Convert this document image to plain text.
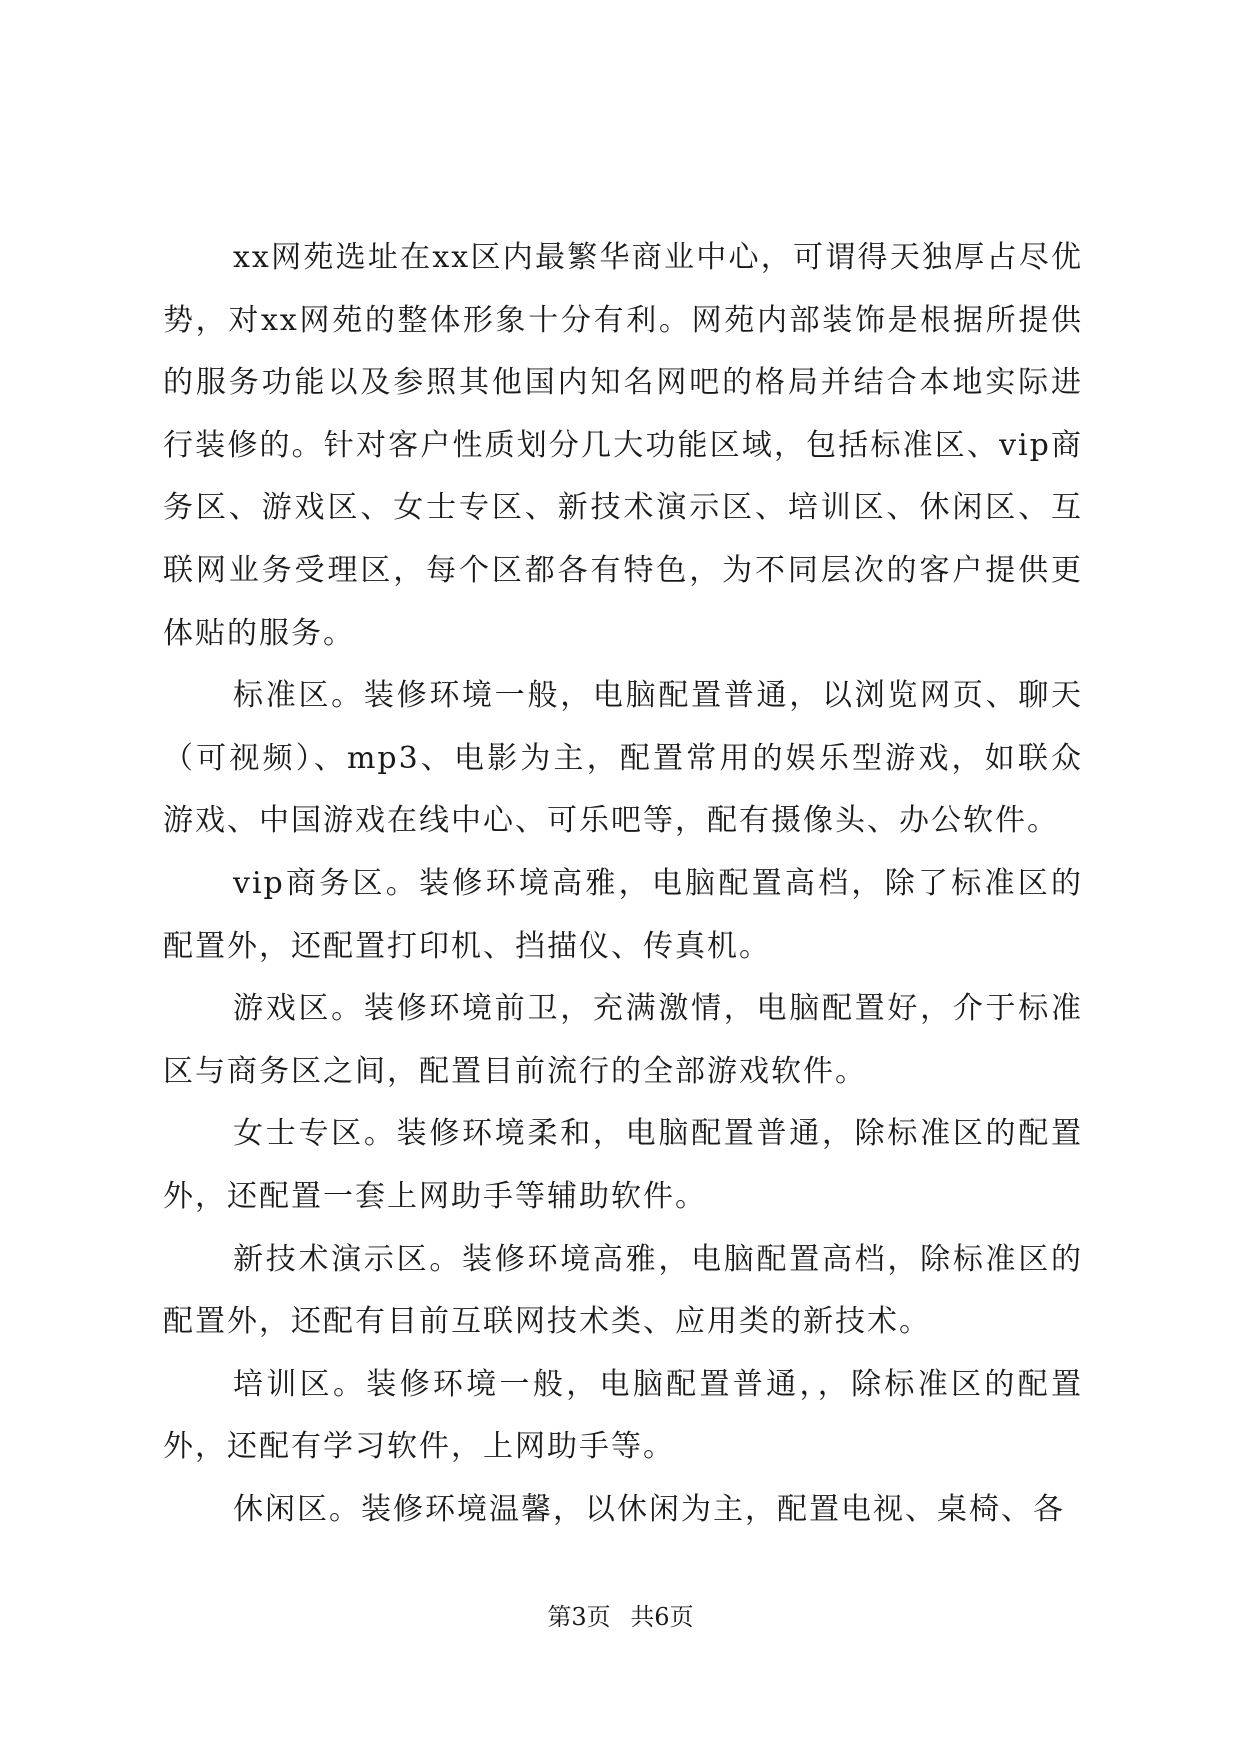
xx网苑选址在xx区内最繁华商业中心，可谓得天独厚占尽优势，对xx网苑的整体形象十分有利。网苑内部装饰是根据所提供的服务功能以及参照其他国内知名网吧的格局并结合本地实际进行装修的。针对客户性质划分几大功能区域，包括标准区、vip商务区、游戏区、女士专区、新技术演示区、培训区、休闲区、互联网业务受理区，每个区都各有特色，为不同层次的客户提供更体贴的服务。

标准区。装修环境一般，电脑配置普通，以浏览网页、聊天（可视频）、mp3、电影为主，配置常用的娱乐型游戏，如联众游戏、中国游戏在线中心、可乐吧等，配有摄像头、办公软件。

vip商务区。装修环境高雅，电脑配置高档，除了标准区的配置外，还配置打印机、挡描仪、传真机。

游戏区。装修环境前卫，充满激情，电脑配置好，介于标准区与商务区之间，配置目前流行的全部游戏软件。

女士专区。装修环境柔和，电脑配置普通，除标准区的配置外，还配置一套上网助手等辅助软件。

新技术演示区。装修环境高雅，电脑配置高档，除标准区的配置外，还配有目前互联网技术类、应用类的新技术。

培训区。装修环境一般，电脑配置普通，，除标准区的配置外，还配有学习软件，上网助手等。

休闲区。装修环境温馨，以休闲为主，配置电视、桌椅、各

第3页 共6页
